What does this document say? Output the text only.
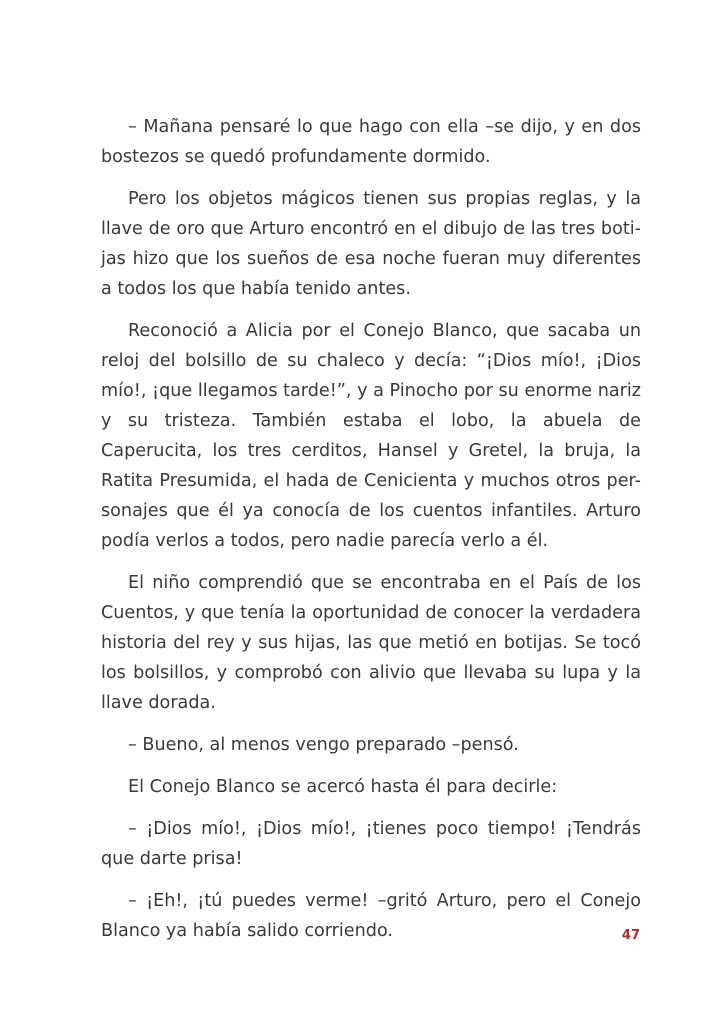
– Mañana pensaré lo que hago con ella –se dijo, y en dos
bostezos se quedó profundamente dormido.
Pero los objetos mágicos tienen sus propias reglas, y la
llave de oro que Arturo encontró en el dibujo de las tres boti-
jas hizo que los sueños de esa noche fueran muy diferentes
a todos los que había tenido antes.
Reconoció a Alicia por el Conejo Blanco, que sacaba un
reloj del bolsillo de su chaleco y decía: “¡Dios mío!, ¡Dios
mío!, ¡que llegamos tarde!”, y a Pinocho por su enorme nariz
y su tristeza. También estaba el lobo, la abuela de
Caperucita, los tres cerditos, Hansel y Gretel, la bruja, la
Ratita Presumida, el hada de Cenicienta y muchos otros per-
sonajes que él ya conocía de los cuentos infantiles. Arturo
podía verlos a todos, pero nadie parecía verlo a él.
El niño comprendió que se encontraba en el País de los
Cuentos, y que tenía la oportunidad de conocer la verdadera
historia del rey y sus hijas, las que metió en botijas. Se tocó
los bolsillos, y comprobó con alivio que llevaba su lupa y la
llave dorada.
– Bueno, al menos vengo preparado –pensó.
El Conejo Blanco se acercó hasta él para decirle:
– ¡Dios mío!, ¡Dios mío!, ¡tienes poco tiempo! ¡Tendrás
que darte prisa!
– ¡Eh!, ¡tú puedes verme! –gritó Arturo, pero el Conejo
Blanco ya había salido corriendo.	47
